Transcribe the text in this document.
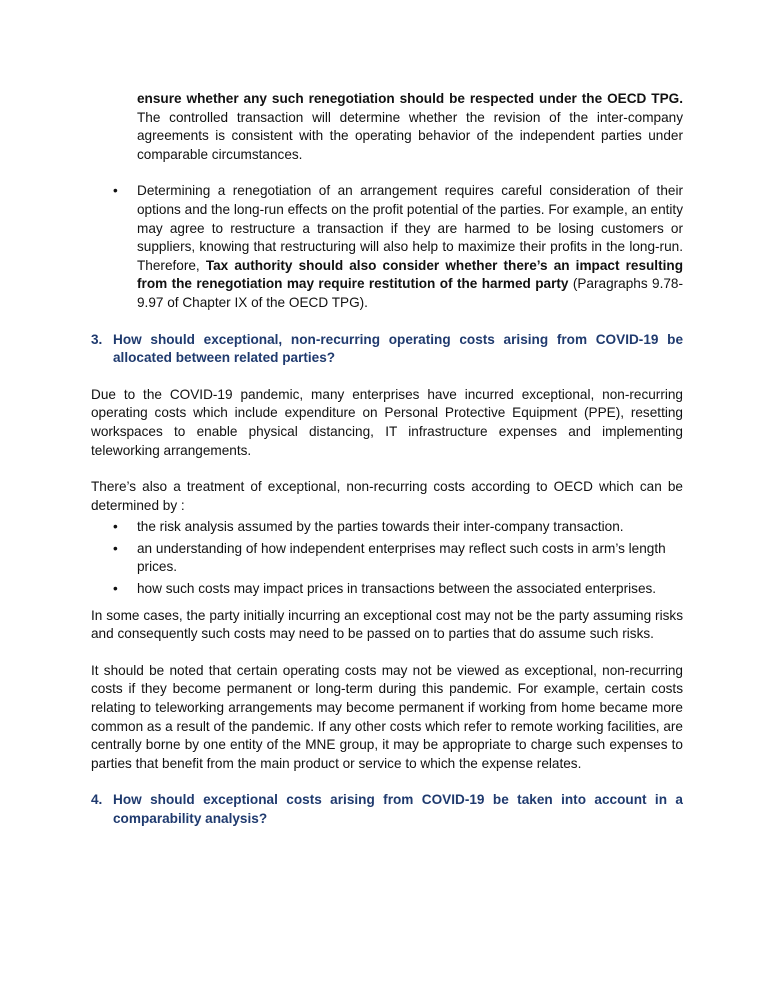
ensure whether any such renegotiation should be respected under the OECD TPG. The controlled transaction will determine whether the revision of the inter-company agreements is consistent with the operating behavior of the independent parties under comparable circumstances.

• Determining a renegotiation of an arrangement requires careful consideration of their options and the long-run effects on the profit potential of the parties. For example, an entity may agree to restructure a transaction if they are harmed to be losing customers or suppliers, knowing that restructuring will also help to maximize their profits in the long-run. Therefore, Tax authority should also consider whether there’s an impact resulting from the renegotiation may require restitution of the harmed party (Paragraphs 9.78-9.97 of Chapter IX of the OECD TPG).
3. How should exceptional, non-recurring operating costs arising from COVID-19 be allocated between related parties?

Due to the COVID-19 pandemic, many enterprises have incurred exceptional, non-recurring operating costs which include expenditure on Personal Protective Equipment (PPE), resetting workspaces to enable physical distancing, IT infrastructure expenses and implementing teleworking arrangements.

There’s also a treatment of exceptional, non-recurring costs according to OECD which can be determined by :

• the risk analysis assumed by the parties towards their inter-company transaction.
• an understanding of how independent enterprises may reflect such costs in arm’s length prices.
• how such costs may impact prices in transactions between the associated enterprises.

In some cases, the party initially incurring an exceptional cost may not be the party assuming risks and consequently such costs may need to be passed on to parties that do assume such risks.

It should be noted that certain operating costs may not be viewed as exceptional, non-recurring costs if they become permanent or long-term during this pandemic. For example, certain costs relating to teleworking arrangements may become permanent if working from home became more common as a result of the pandemic. If any other costs which refer to remote working facilities, are centrally borne by one entity of the MNE group, it may be appropriate to charge such expenses to parties that benefit from the main product or service to which the expense relates.

4. How should exceptional costs arising from COVID-19 be taken into account in a comparability analysis?
